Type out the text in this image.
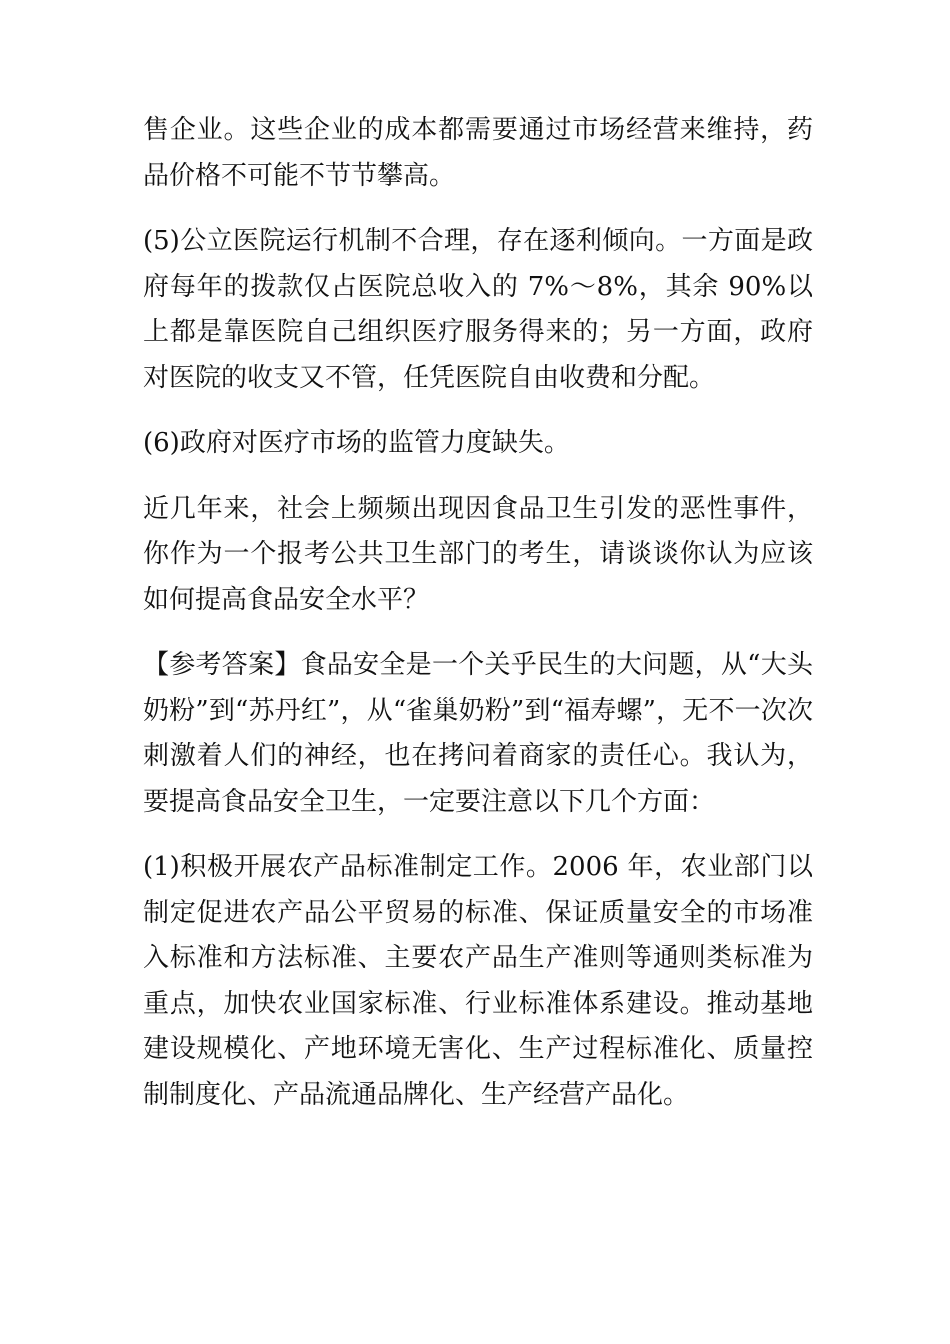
售企业。这些企业的成本都需要通过市场经营来维持，药品价格不可能不节节攀高。

(5)公立医院运行机制不合理，存在逐利倾向。一方面是政府每年的拨款仅占医院总收入的 7%～8%，其余 90%以上都是靠医院自己组织医疗服务得来的；另一方面，政府对医院的收支又不管，任凭医院自由收费和分配。

(6)政府对医疗市场的监管力度缺失。

近几年来，社会上频频出现因食品卫生引发的恶性事件，你作为一个报考公共卫生部门的考生，请谈谈你认为应该如何提高食品安全水平？

【参考答案】食品安全是一个关乎民生的大问题，从“大头奶粉”到“苏丹红”，从“雀巢奶粉”到“福寿螺”，无不一次次刺激着人们的神经，也在拷问着商家的责任心。我认为，要提高食品安全卫生，一定要注意以下几个方面：

(1)积极开展农产品标准制定工作。2006 年，农业部门以制定促进农产品公平贸易的标准、保证质量安全的市场准入标准和方法标准、主要农产品生产准则等通则类标准为重点，加快农业国家标准、行业标准体系建设。推动基地建设规模化、产地环境无害化、生产过程标准化、质量控制制度化、产品流通品牌化、生产经营产品化。
